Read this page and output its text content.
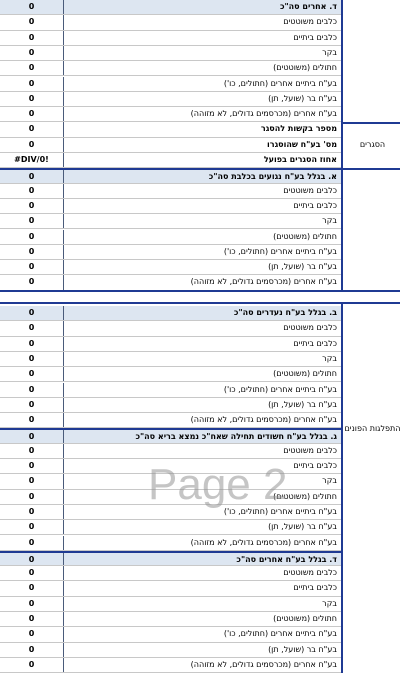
0	ד. אחרים סה"כ
0	כלבים משוטטים
0	כלבים ביתיים
0	בקר
0	חתולים (משוטטים)
0	בע"ח ביתיים אחרים (חתולים, כו')
0	בע"ח בר (שועל, תן)
0	בע"ח אחרים (מכרסמים גדולים, לא מזוהה)
0	מספר בקשות להסגר
0	מס' בע"ח שהוסגרו
#DIV/0!	אחוז הסגרים בפועל
0	א. בגלל בע"ח נגועים בכלבת סה"כ
0	כלבים משוטטים
0	כלבים ביתיים
0	בקר
0	חתולים (משוטטים)
0	בע"ח ביתיים אחרים (חתולים, כו')
0	בע"ח בר (שועל, תן)
0	בע"ח אחרים (מכרסמים גדולים, לא מזוהה)
הסגרים
0	ב. בגלל בע"ח נעדרים סה"כ
0	כלבים משוטטים
0	כלבים ביתיים
0	בקר
0	חתולים (משוטטים)
0	בע"ח ביתיים אחרים (חתולים, כו')
0	בע"ח בר (שועל, תן)
0	בע"ח אחרים (מכרסמים גדולים, לא מזוהה)
0	ג. בגלל בע"ח חשודים תחילה שאח"כ נמצא בריא סה"כ
0	כלבים משוטטים
0	כלבים ביתיים
0	בקר
0	חתולים (משוטטים)
0	בע"ח ביתיים אחרים (חתולים, כו')
0	בע"ח בר (שועל, תן)
0	בע"ח אחרים (מכרסמים גדולים, לא מזוהה)
0	ד. בגלל בע"ח אחרים סה"כ
0	כלבים משוטטים
0	כלבים ביתיים
0	בקר
0	חתולים (משוטטים)
0	בע"ח ביתיים אחרים (חתולים, כו')
0	בע"ח בר (שועל, תן)
0	בע"ח אחרים (מכרסמים גדולים, לא מזוהה)
התפלגות הפונים
Page 2
